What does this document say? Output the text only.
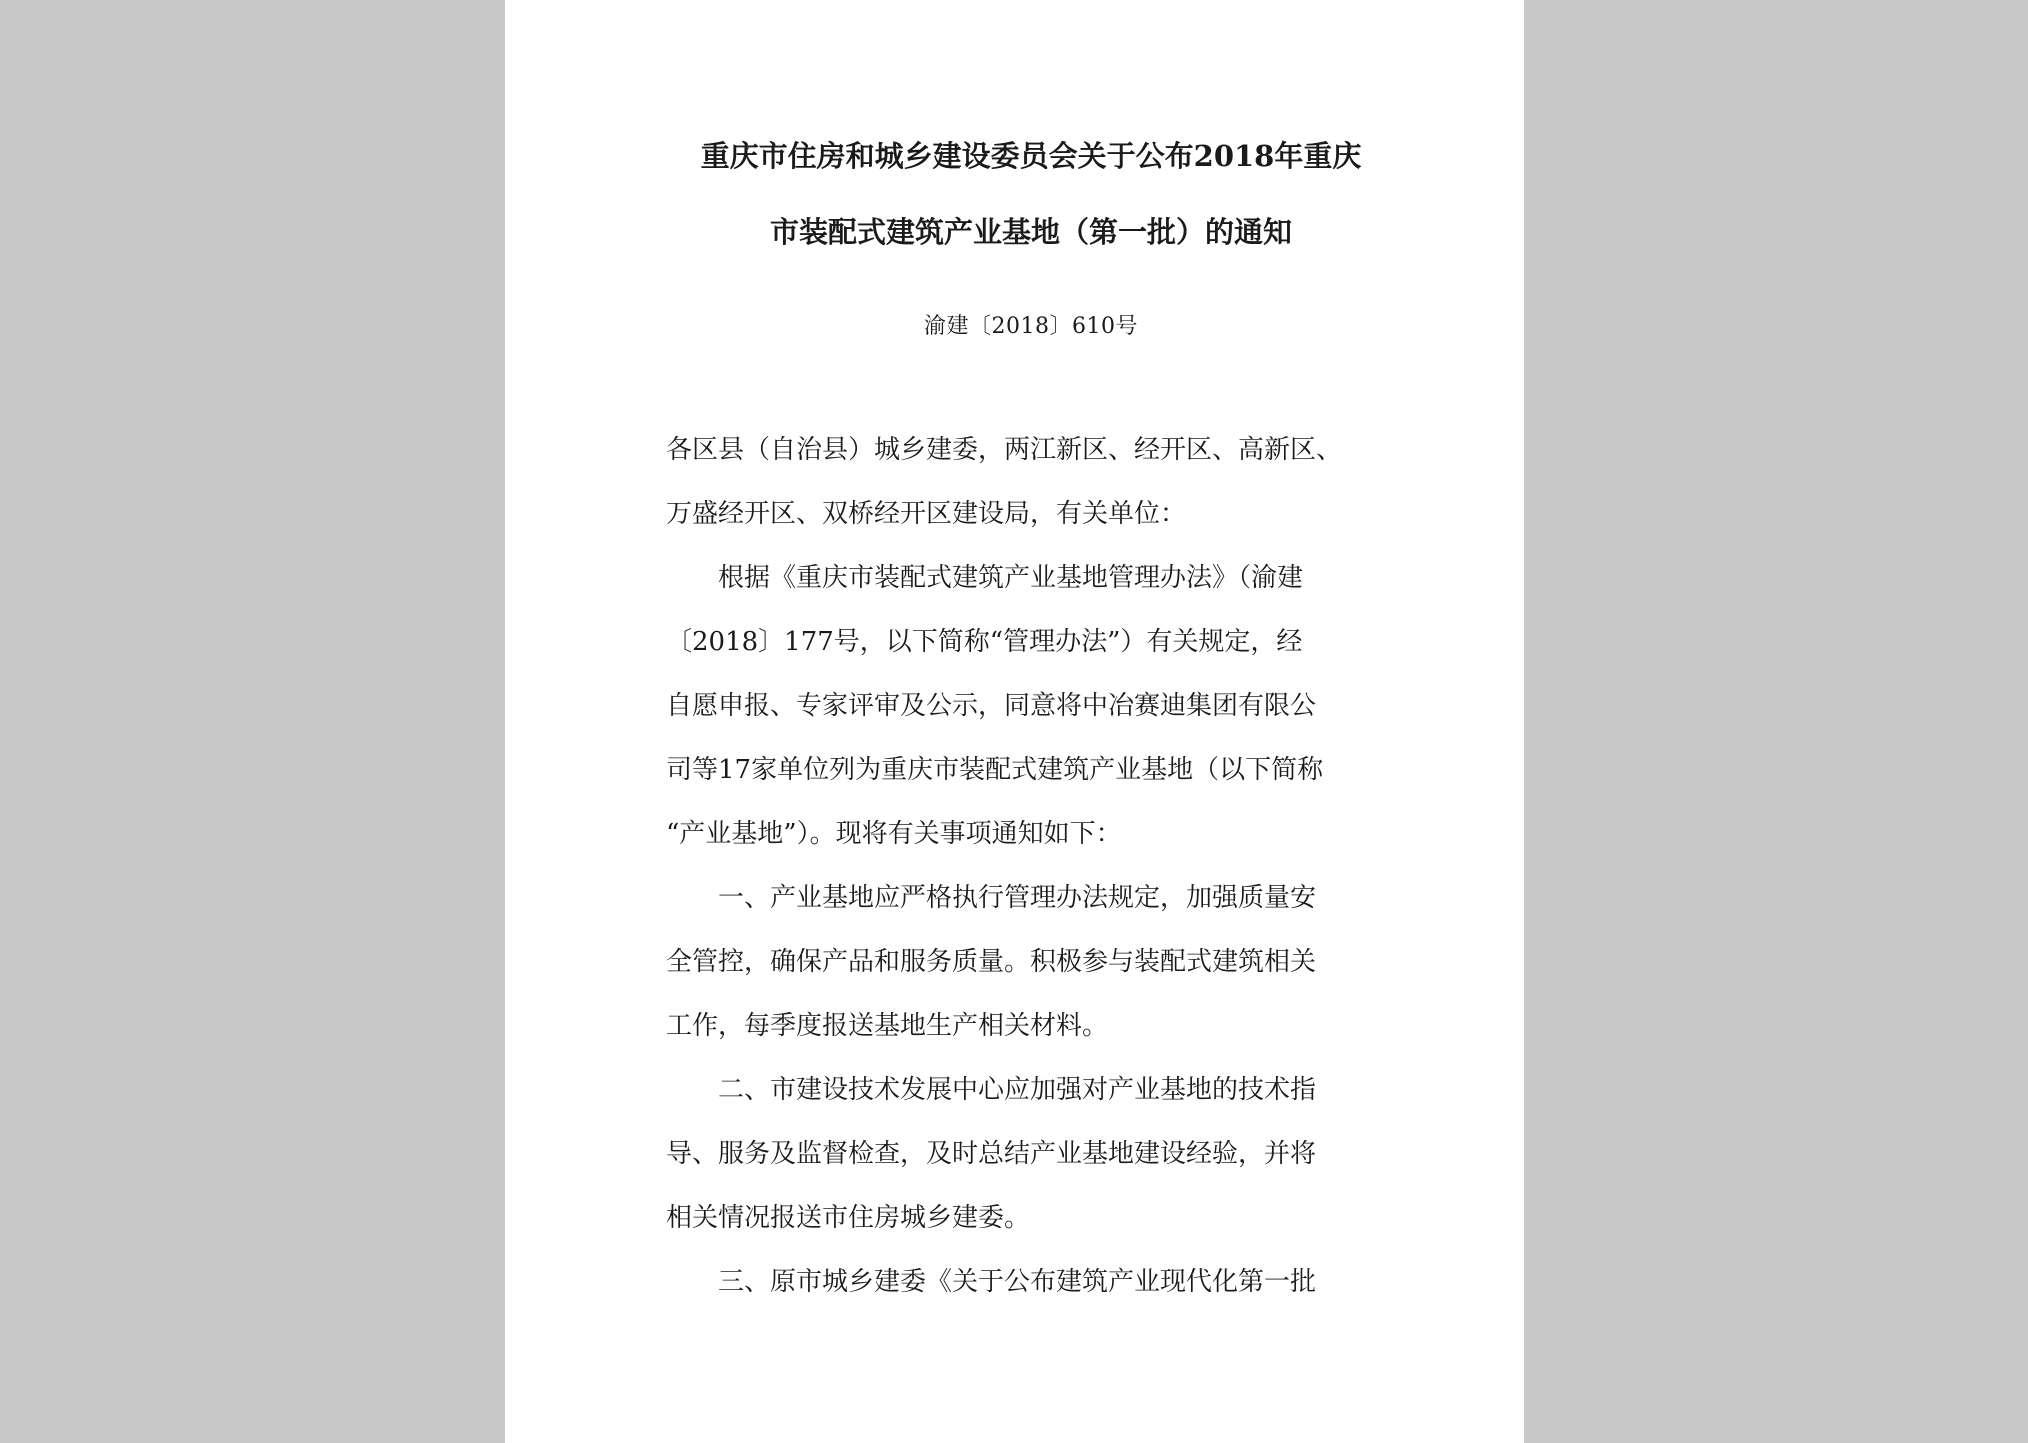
重庆市住房和城乡建设委员会关于公布2018年重庆
市装配式建筑产业基地（第一批）的通知
渝建〔2018〕610号

各区县（自治县）城乡建委，两江新区、经开区、高新区、

万盛经开区、双桥经开区建设局，有关单位：

根据《重庆市装配式建筑产业基地管理办法》（渝建

〔2018〕177号，以下简称“管理办法”）有关规定，经

自愿申报、专家评审及公示，同意将中冶赛迪集团有限公

司等17家单位列为重庆市装配式建筑产业基地（以下简称

“产业基地”）。现将有关事项通知如下：

一、产业基地应严格执行管理办法规定，加强质量安

全管控，确保产品和服务质量。积极参与装配式建筑相关

工作，每季度报送基地生产相关材料。

二、市建设技术发展中心应加强对产业基地的技术指

导、服务及监督检查，及时总结产业基地建设经验，并将

相关情况报送市住房城乡建委。

三、原市城乡建委《关于公布建筑产业现代化第一批
